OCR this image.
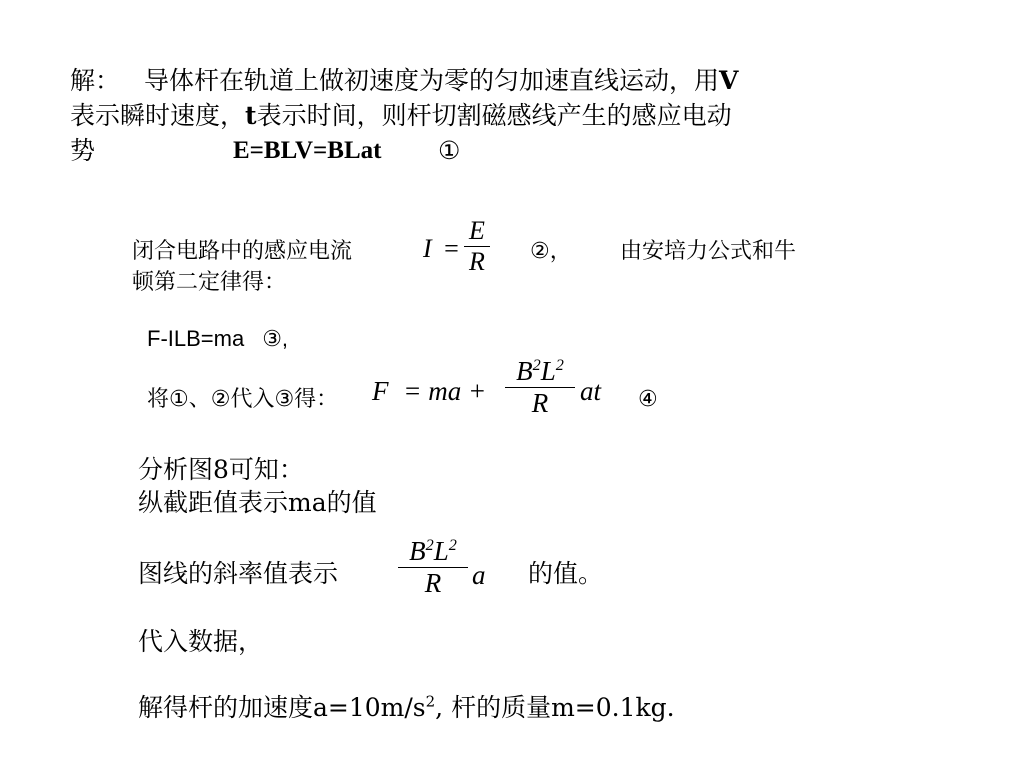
解： 导体杆在轨道上做初速度为零的匀加速直线运动，用V
表示瞬时速度，t表示时间，则杆切割磁感线产生的感应电动
势	E=BLV=BLat ①
闭合电路中的感应电流	I =
E
R ②， 由安培力公式和牛
顿第二定律得：
F-ILB=ma ③,
将①、②代入③得： F = ma +
$B^2L^2$
R	at ④
分析图8可知：
纵截距值表示ma的值
图线的斜率值表示
$B^2L^2$
R	a 的值。
代入数据，
解得杆的加速度$a=10m/s^2$, 杆的质量m=0.1kg.
